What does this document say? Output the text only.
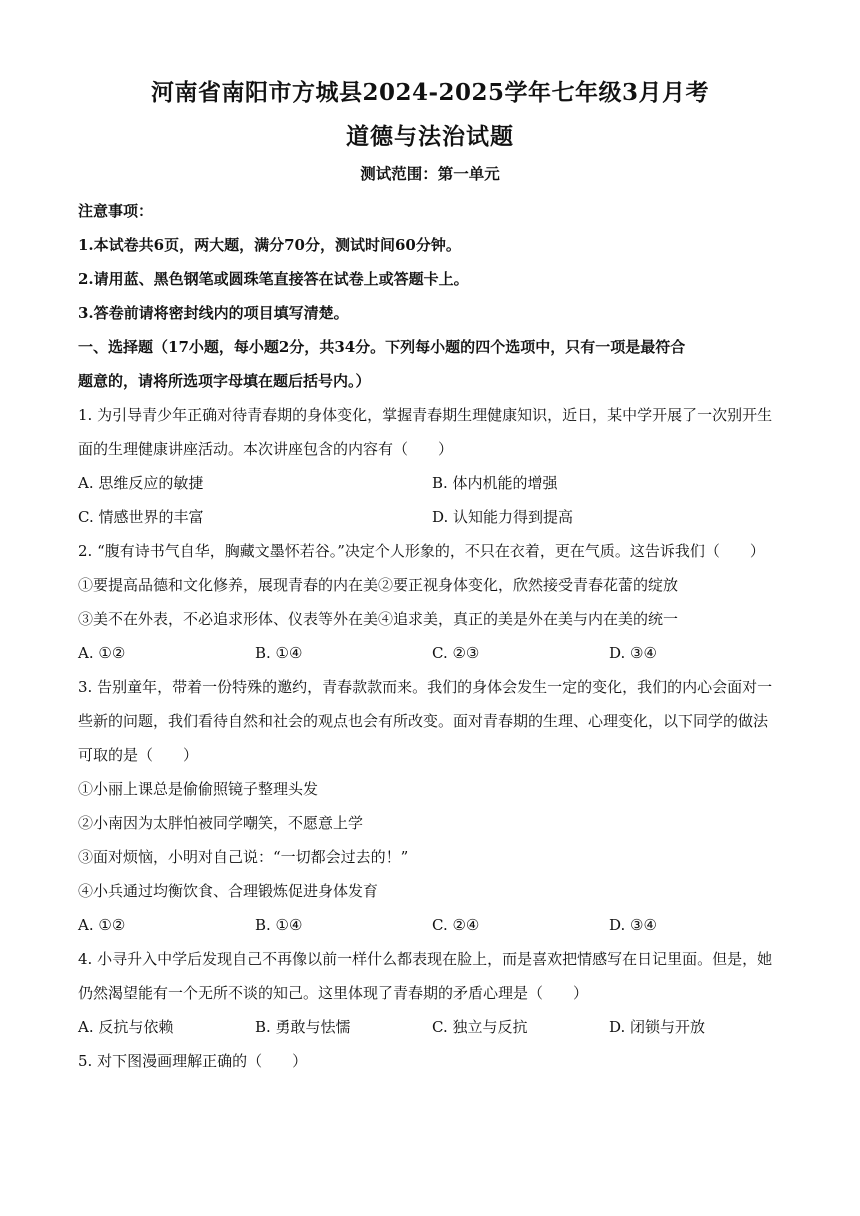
河南省南阳市方城县2024-2025学年七年级3月月考
道德与法治试题
测试范围：第一单元
注意事项：
1.本试卷共6页，两大题，满分70分，测试时间60分钟。
2.请用蓝、黑色钢笔或圆珠笔直接答在试卷上或答题卡上。
3.答卷前请将密封线内的项目填写清楚。
一、选择题（17小题，每小题2分，共34分。下列每小题的四个选项中，只有一项是最符合
题意的，请将所选项字母填在题后括号内。）
1. 为引导青少年正确对待青春期的身体变化，掌握青春期生理健康知识，近日，某中学开展了一次别开生
面的生理健康讲座活动。本次讲座包含的内容有（　　）
A. 思维反应的敏捷	B. 体内机能的增强
C. 情感世界的丰富	D. 认知能力得到提高
2. “腹有诗书气自华，胸藏文墨怀若谷。”决定个人形象的，不只在衣着，更在气质。这告诉我们（　　）
①要提高品德和文化修养，展现青春的内在美②要正视身体变化，欣然接受青春花蕾的绽放
③美不在外表，不必追求形体、仪表等外在美④追求美，真正的美是外在美与内在美的统一
A. ①②	B. ①④	C. ②③	D. ③④
3. 告别童年，带着一份特殊的邀约，青春款款而来。我们的身体会发生一定的变化，我们的内心会面对一
些新的问题，我们看待自然和社会的观点也会有所改变。面对青春期的生理、心理变化，以下同学的做法
可取的是（　　）
①小丽上课总是偷偷照镜子整理头发
②小南因为太胖怕被同学嘲笑，不愿意上学
③面对烦恼，小明对自己说：“一切都会过去的！”
④小兵通过均衡饮食、合理锻炼促进身体发育
A. ①②	B. ①④	C. ②④	D. ③④
4. 小寻升入中学后发现自己不再像以前一样什么都表现在脸上，而是喜欢把情感写在日记里面。但是，她
仍然渴望能有一个无所不谈的知己。这里体现了青春期的矛盾心理是（　　）
A. 反抗与依赖	B. 勇敢与怯懦	C. 独立与反抗	D. 闭锁与开放
5. 对下图漫画理解正确的（　　）
